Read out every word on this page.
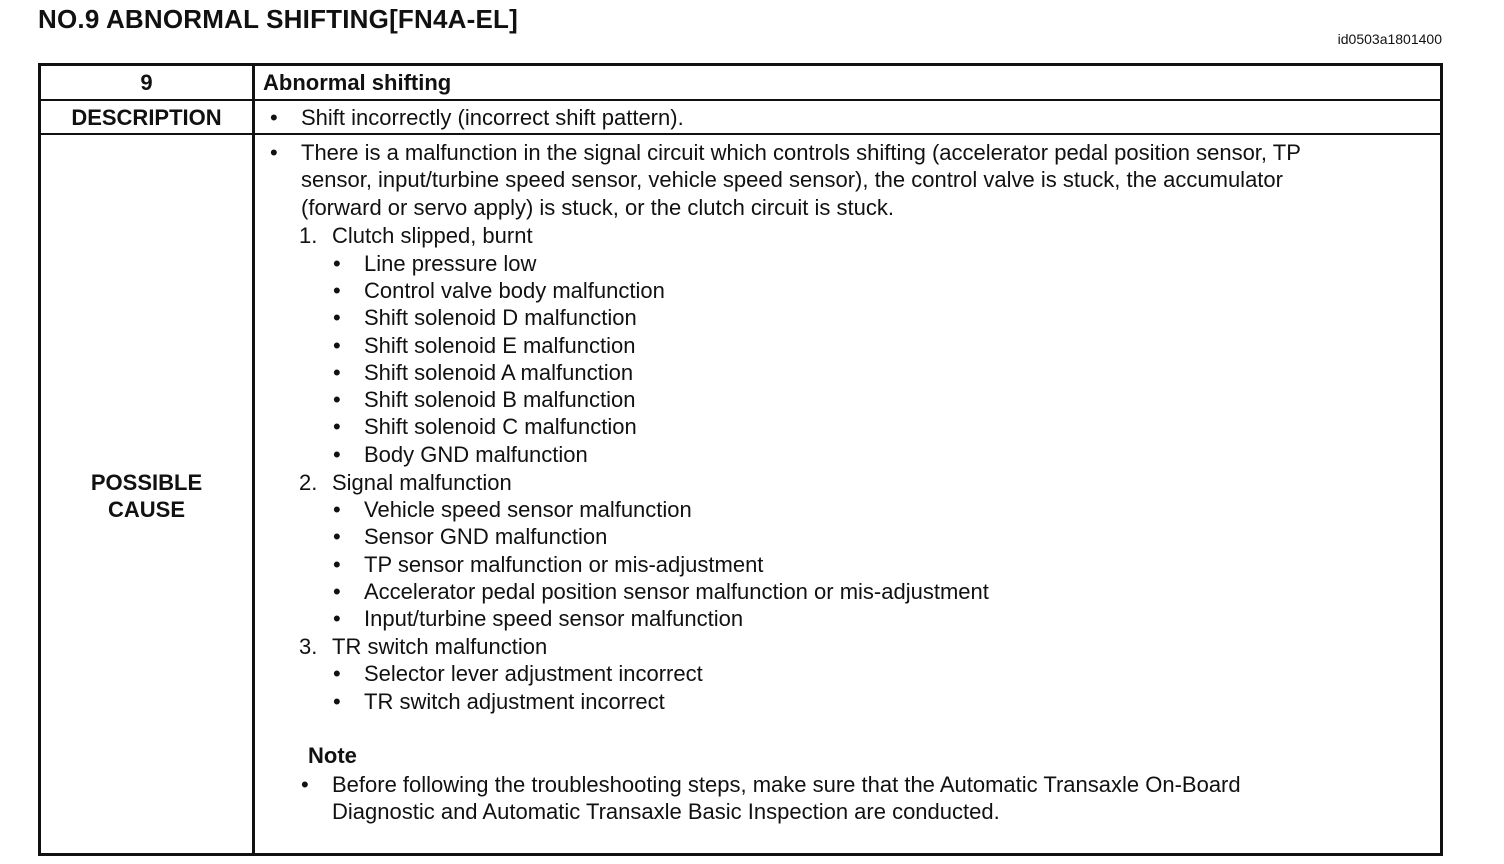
NO.9 ABNORMAL SHIFTING[FN4A-EL]
id0503a1801400
9	Abnormal shifting
DESCRIPTION	• Shift incorrectly (incorrect shift pattern).
POSSIBLE
CAUSE
• There is a malfunction in the signal circuit which controls shifting (accelerator pedal position sensor, TP
sensor, input/turbine speed sensor, vehicle speed sensor), the control valve is stuck, the accumulator
(forward or servo apply) is stuck, or the clutch circuit is stuck.
1. Clutch slipped, burnt
• Line pressure low
• Control valve body malfunction
• Shift solenoid D malfunction
• Shift solenoid E malfunction
• Shift solenoid A malfunction
• Shift solenoid B malfunction
• Shift solenoid C malfunction
• Body GND malfunction
2. Signal malfunction
• Vehicle speed sensor malfunction
• Sensor GND malfunction
• TP sensor malfunction or mis-adjustment
• Accelerator pedal position sensor malfunction or mis-adjustment
• Input/turbine speed sensor malfunction
3. TR switch malfunction
• Selector lever adjustment incorrect
• TR switch adjustment incorrect
Note
• Before following the troubleshooting steps, make sure that the Automatic Transaxle On-Board
Diagnostic and Automatic Transaxle Basic Inspection are conducted.
